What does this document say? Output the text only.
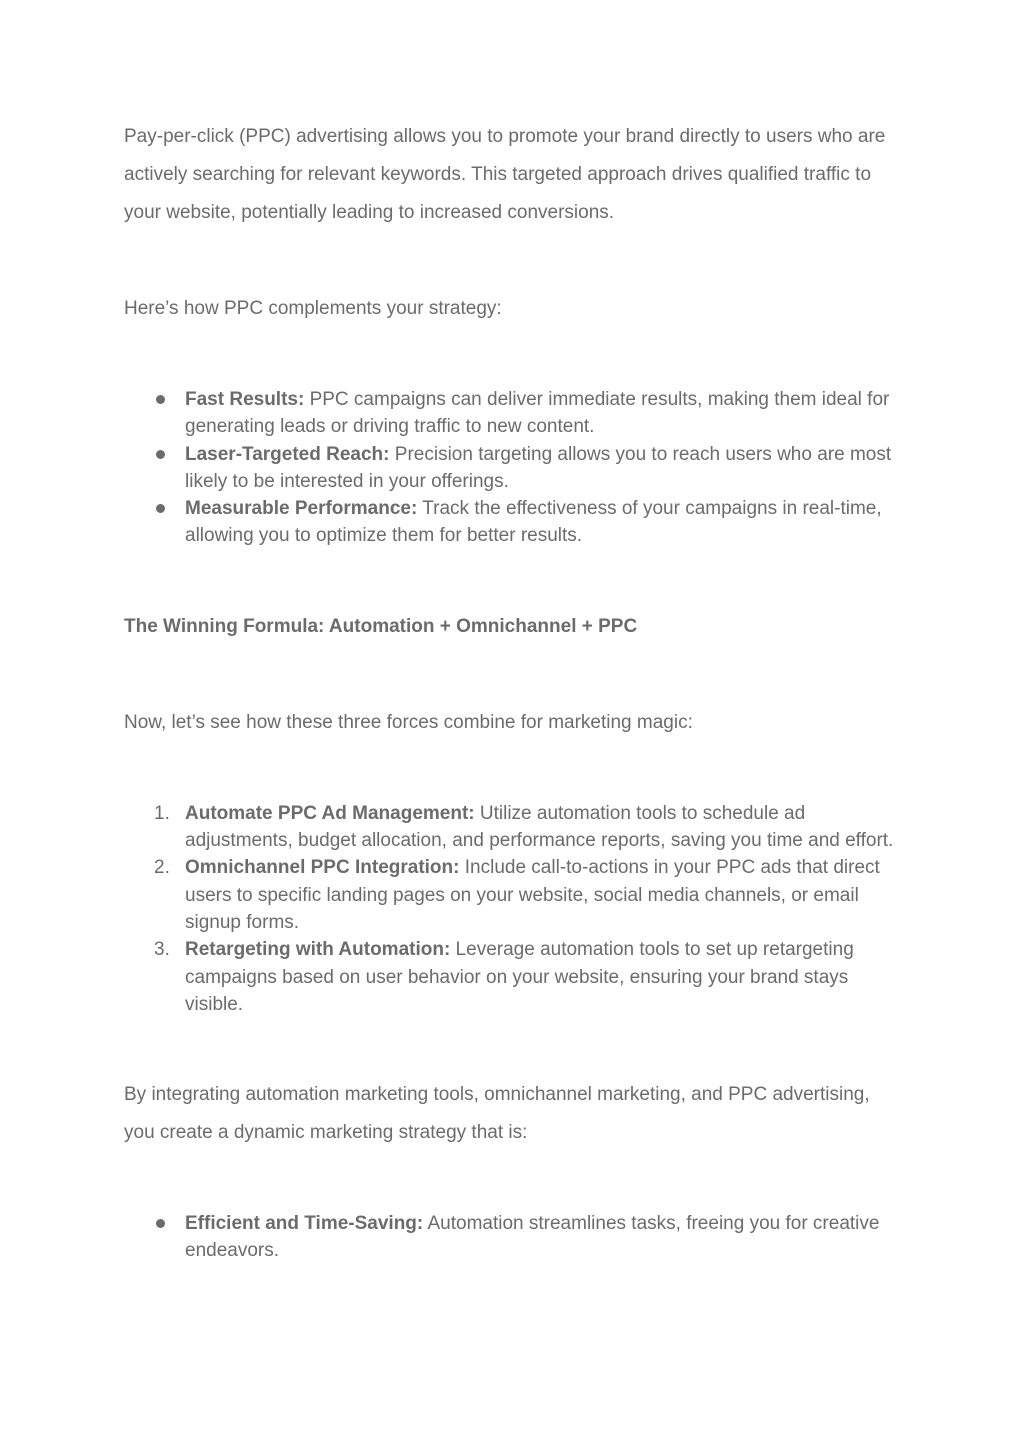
Pay-per-click (PPC) advertising allows you to promote your brand directly to users who are actively searching for relevant keywords. This targeted approach drives qualified traffic to your website, potentially leading to increased conversions.

Here’s how PPC complements your strategy:

Fast Results: PPC campaigns can deliver immediate results, making them ideal for generating leads or driving traffic to new content.
Laser-Targeted Reach: Precision targeting allows you to reach users who are most likely to be interested in your offerings.
Measurable Performance: Track the effectiveness of your campaigns in real-time, allowing you to optimize them for better results.

The Winning Formula: Automation + Omnichannel + PPC

Now, let’s see how these three forces combine for marketing magic:

1. Automate PPC Ad Management: Utilize automation tools to schedule ad adjustments, budget allocation, and performance reports, saving you time and effort.
2. Omnichannel PPC Integration: Include call-to-actions in your PPC ads that direct users to specific landing pages on your website, social media channels, or email signup forms.
3. Retargeting with Automation: Leverage automation tools to set up retargeting campaigns based on user behavior on your website, ensuring your brand stays visible.

By integrating automation marketing tools, omnichannel marketing, and PPC advertising, you create a dynamic marketing strategy that is:

Efficient and Time-Saving: Automation streamlines tasks, freeing you for creative endeavors.
